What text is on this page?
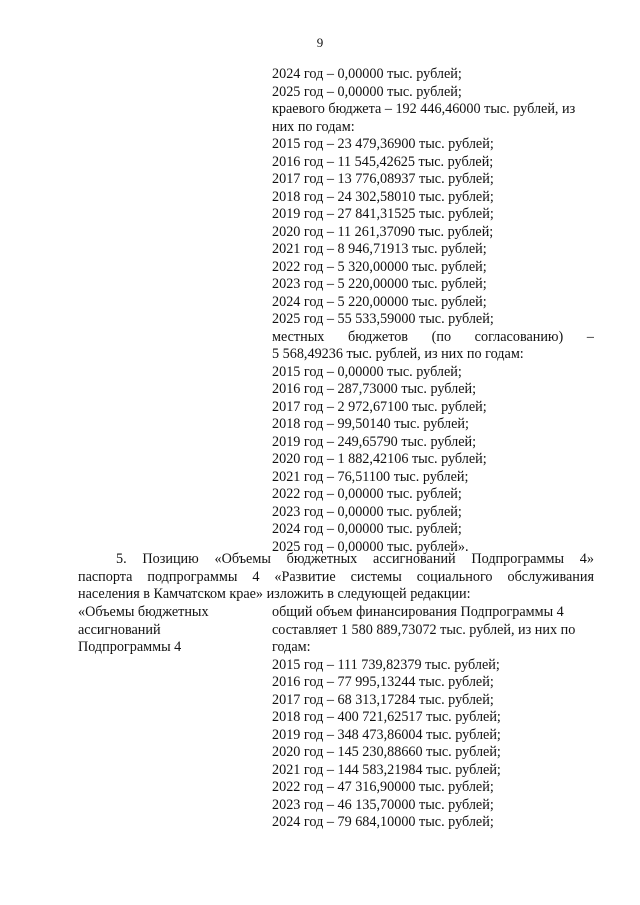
9
2024 год – 0,00000 тыс. рублей;
2025 год – 0,00000 тыс. рублей;
краевого бюджета – 192 446,46000 тыс. рублей, из
них по годам:
2015 год – 23 479,36900 тыс. рублей;
2016 год – 11 545,42625 тыс. рублей;
2017 год – 13 776,08937 тыс. рублей;
2018 год – 24 302,58010 тыс. рублей;
2019 год – 27 841,31525 тыс. рублей;
2020 год – 11 261,37090 тыс. рублей;
2021 год – 8 946,71913 тыс. рублей;
2022 год – 5 320,00000 тыс. рублей;
2023 год – 5 220,00000 тыс. рублей;
2024 год – 5 220,00000 тыс. рублей;
2025 год – 55 533,59000 тыс. рублей;
местных бюджетов (по согласованию) –
5 568,49236 тыс. рублей, из них по годам:
2015 год – 0,00000 тыс. рублей;
2016 год – 287,73000 тыс. рублей;
2017 год – 2 972,67100 тыс. рублей;
2018 год – 99,50140 тыс. рублей;
2019 год – 249,65790 тыс. рублей;
2020 год – 1 882,42106 тыс. рублей;
2021 год – 76,51100 тыс. рублей;
2022 год – 0,00000 тыс. рублей;
2023 год – 0,00000 тыс. рублей;
2024 год – 0,00000 тыс. рублей;
2025 год – 0,00000 тыс. рублей».
5. Позицию «Объемы бюджетных ассигнований Подпрограммы 4»
паспорта подпрограммы 4 «Развитие системы социального обслуживания
населения в Камчатском крае» изложить в следующей редакции:
«Объемы бюджетных
ассигнований
Подпрограммы 4
общий объем финансирования Подпрограммы 4
составляет 1 580 889,73072 тыс. рублей, из них по
годам:
2015 год – 111 739,82379 тыс. рублей;
2016 год – 77 995,13244 тыс. рублей;
2017 год – 68 313,17284 тыс. рублей;
2018 год – 400 721,62517 тыс. рублей;
2019 год – 348 473,86004 тыс. рублей;
2020 год – 145 230,88660 тыс. рублей;
2021 год – 144 583,21984 тыс. рублей;
2022 год – 47 316,90000 тыс. рублей;
2023 год – 46 135,70000 тыс. рублей;
2024 год – 79 684,10000 тыс. рублей;
